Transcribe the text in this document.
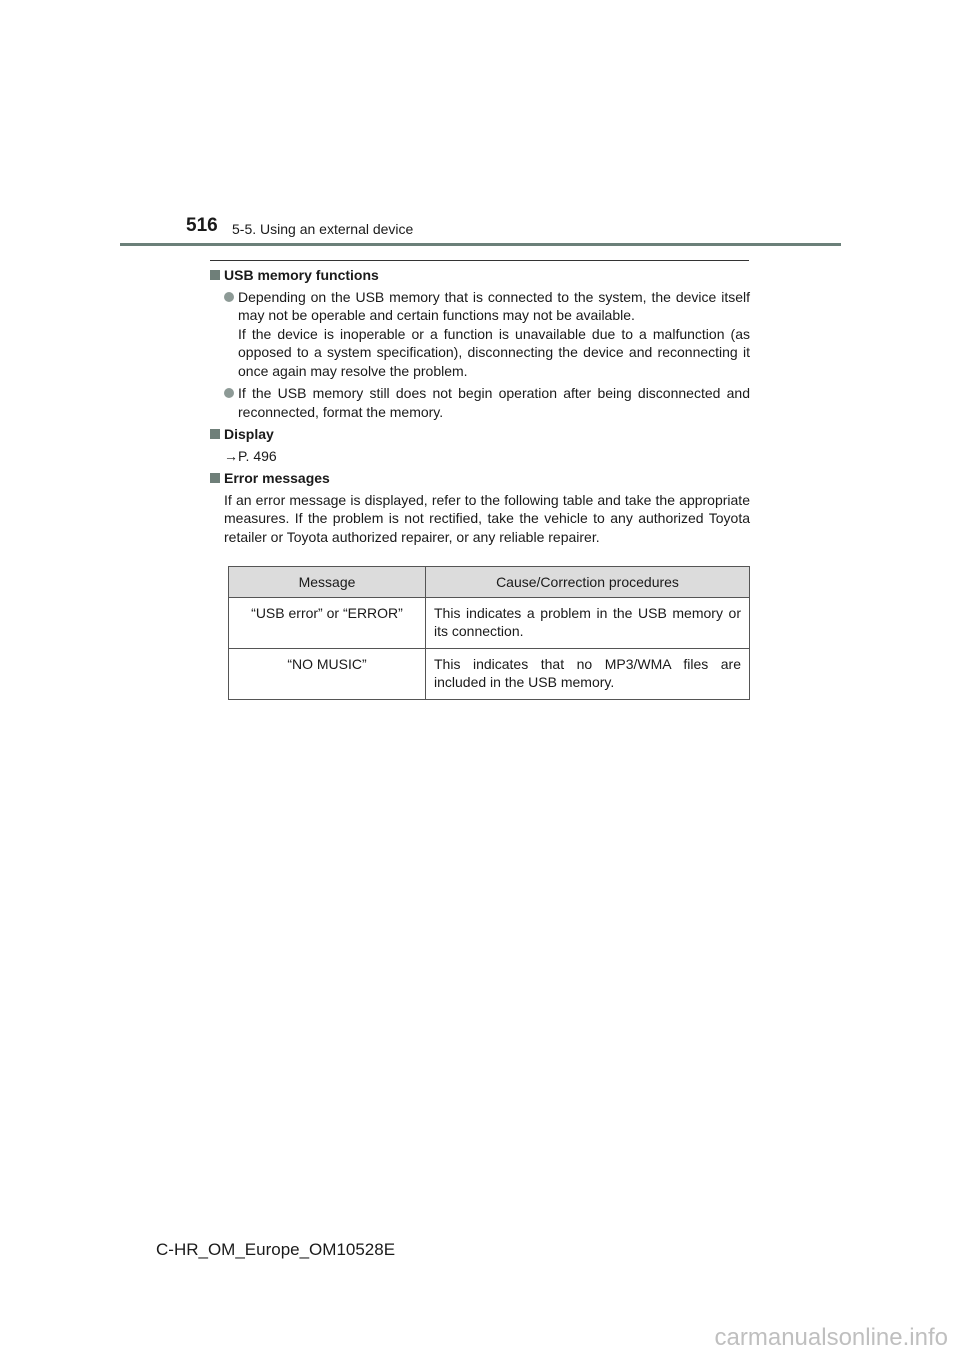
516 5-5. Using an external device
USB memory functions

Depending on the USB memory that is connected to the system, the device itself may not be operable and certain functions may not be available.

If the device is inoperable or a function is unavailable due to a malfunction (as opposed to a system specification), disconnecting the device and reconnecting it once again may resolve the problem.

If the USB memory still does not begin operation after being disconnected and reconnected, format the memory.

Display
→P. 496
Error messages
If an error message is displayed, refer to the following table and take the appropriate measures. If the problem is not rectified, take the vehicle to any authorized Toyota retailer or Toyota authorized repairer, or any reliable repairer.
Message	Cause/Correction procedures
“USB error” or “ERROR”	This indicates a problem in the USB memory or its connection.
“NO MUSIC”	This indicates that no MP3/WMA files are included in the USB memory.
C-HR_OM_Europe_OM10528E
carmanualsonline.info
